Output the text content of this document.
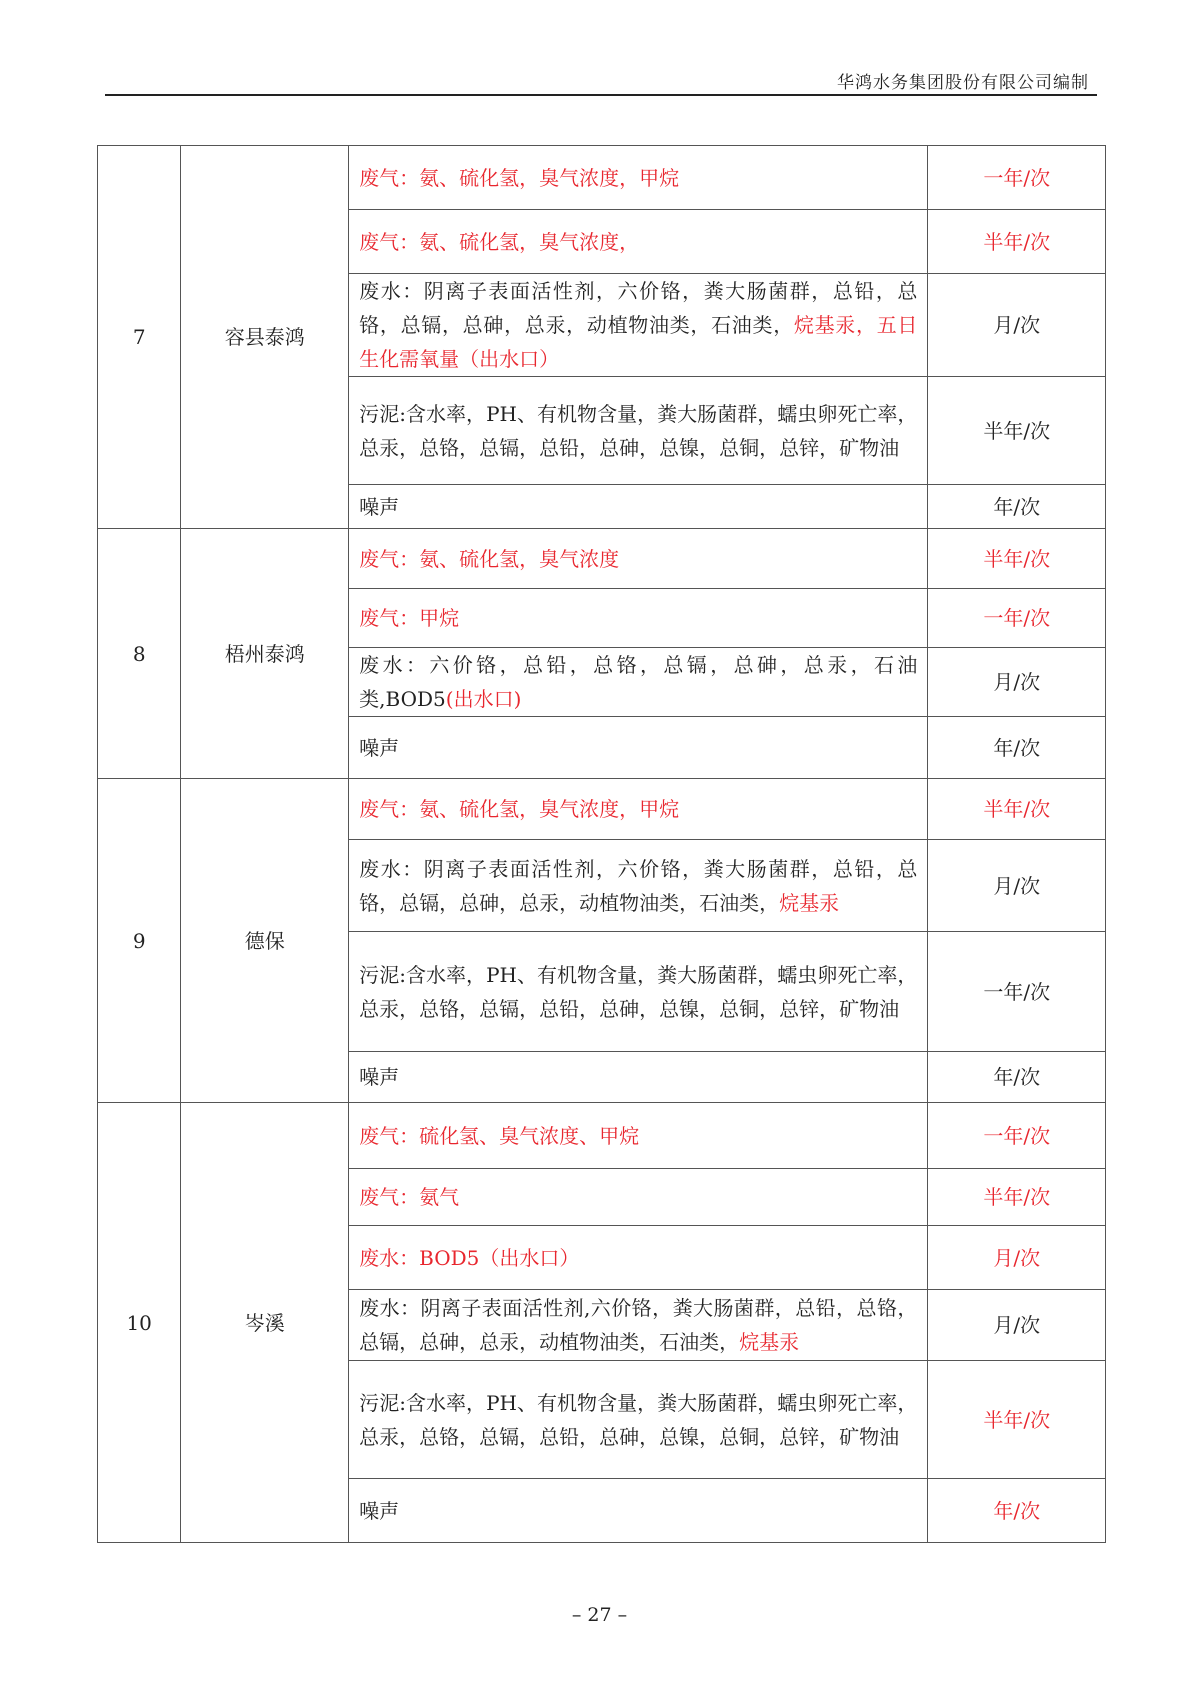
华鸿水务集团股份有限公司编制
7	容县泰鸿	废气：氨、硫化氢，臭气浓度，甲烷	一年/次
		废气：氨、硫化氢，臭气浓度，	半年/次
		废水：阴离子表面活性剂，六价铬，粪大肠菌群，总铅，总铬，总镉，总砷，总汞，动植物油类，石油类，烷基汞，五日生化需氧量（出水口）	月/次
		污泥:含水率，PH、有机物含量，粪大肠菌群，蠕虫卵死亡率，总汞，总铬，总镉，总铅，总砷，总镍，总铜，总锌，矿物油	半年/次
		噪声	年/次
8	梧州泰鸿	废气：氨、硫化氢，臭气浓度	半年/次
		废气：甲烷	一年/次
		废水：六价铬，总铅，总铬，总镉，总砷，总汞，石油类,BOD5(出水口)	月/次
		噪声	年/次
9	德保	废气：氨、硫化氢，臭气浓度，甲烷	半年/次
		废水：阴离子表面活性剂，六价铬，粪大肠菌群，总铅，总铬，总镉，总砷，总汞，动植物油类，石油类，烷基汞	月/次
		污泥:含水率，PH、有机物含量，粪大肠菌群，蠕虫卵死亡率，总汞，总铬，总镉，总铅，总砷，总镍，总铜，总锌，矿物油	一年/次
		噪声	年/次
10	岑溪	废气：硫化氢、臭气浓度、甲烷	一年/次
		废气：氨气	半年/次
		废水：BOD5（出水口）	月/次
		废水：阴离子表面活性剂,六价铬，粪大肠菌群，总铅，总铬，总镉，总砷，总汞，动植物油类，石油类，烷基汞	月/次
		污泥:含水率，PH、有机物含量，粪大肠菌群，蠕虫卵死亡率，总汞，总铬，总镉，总铅，总砷，总镍，总铜，总锌，矿物油	半年/次
		噪声	年/次
– 27 –
